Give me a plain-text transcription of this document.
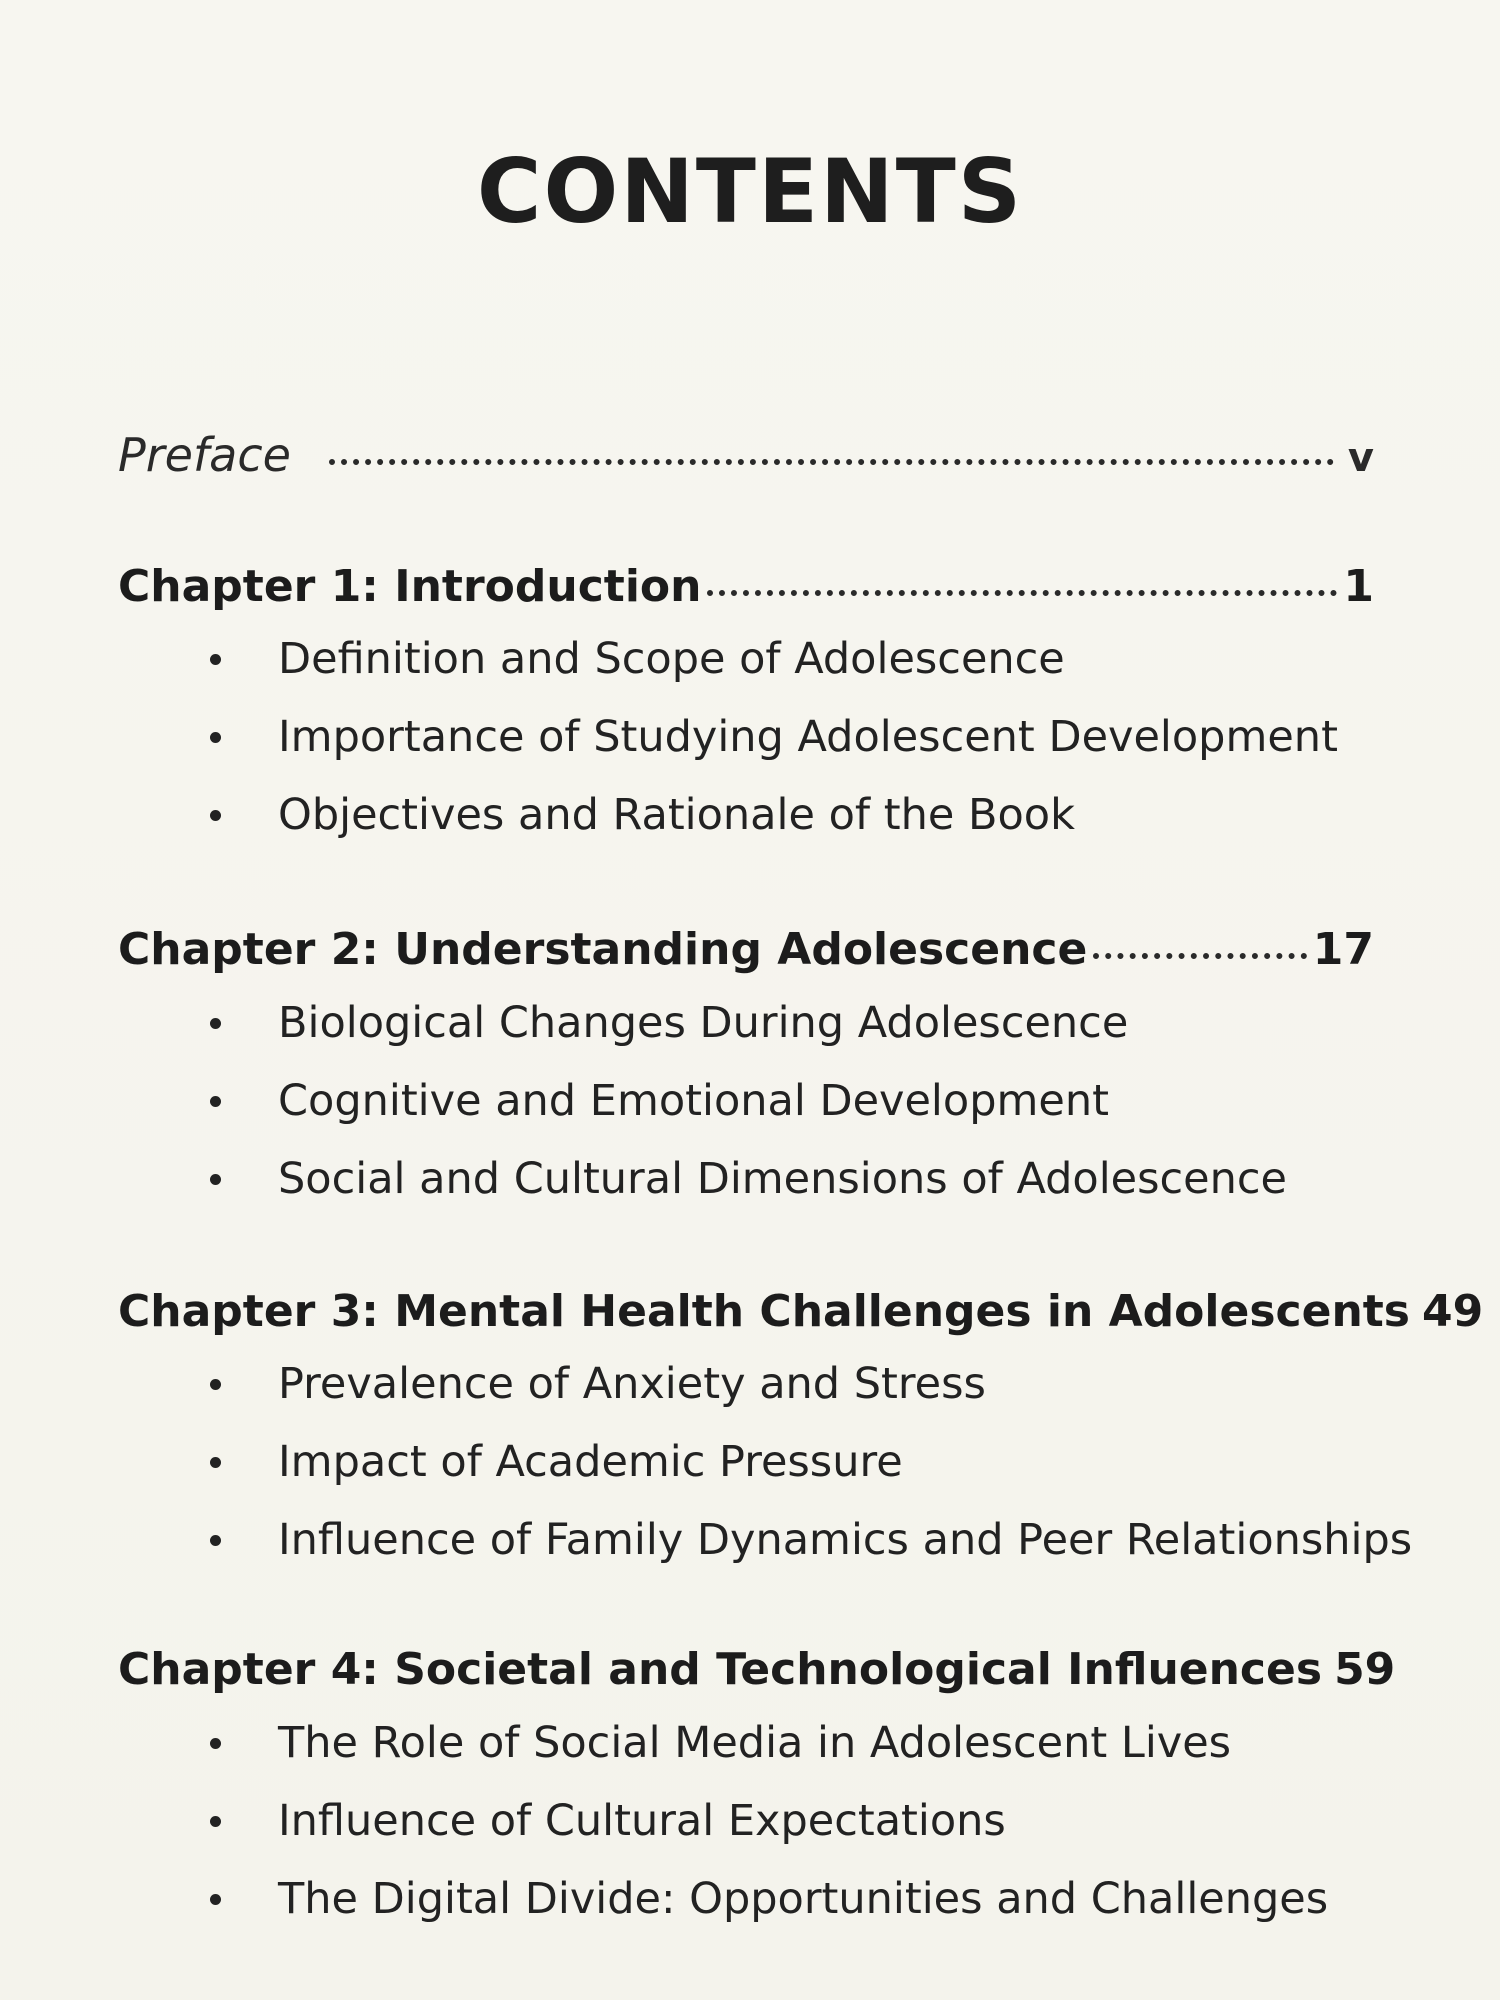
CONTENTS
Preface	v
Chapter 1: Introduction	1
Definition and Scope of Adolescence
Importance of Studying Adolescent Development
Objectives and Rationale of the Book
Chapter 2: Understanding Adolescence	17
Biological Changes During Adolescence
Cognitive and Emotional Development
Social and Cultural Dimensions of Adolescence
Chapter 3: Mental Health Challenges in Adolescents 49
Prevalence of Anxiety and Stress
Impact of Academic Pressure
Influence of Family Dynamics and Peer Relationships
Chapter 4: Societal and Technological Influences 59
The Role of Social Media in Adolescent Lives
Influence of Cultural Expectations
The Digital Divide: Opportunities and Challenges
